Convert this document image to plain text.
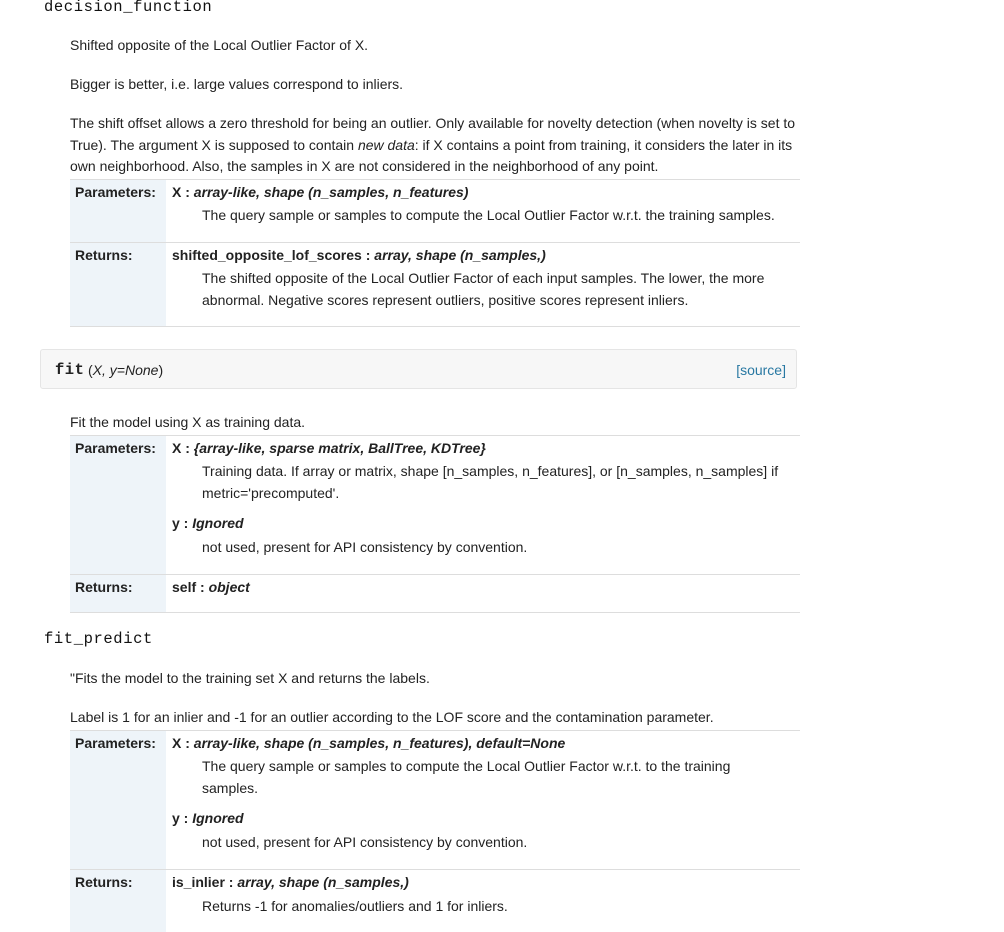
decision_function

Shifted opposite of the Local Outlier Factor of X.

Bigger is better, i.e. large values correspond to inliers.

The shift offset allows a zero threshold for being an outlier. Only available for novelty detection (when novelty is set to True). The argument X is supposed to contain new data: if X contains a point from training, it considers the later in its own neighborhood. Also, the samples in X are not considered in the neighborhood of any point.

Parameters: X : array-like, shape (n_samples, n_features)
The query sample or samples to compute the Local Outlier Factor w.r.t. the training samples.
Returns:	shifted_opposite_lof_scores : array, shape (n_samples,)
The shifted opposite of the Local Outlier Factor of each input samples. The lower, the more abnormal. Negative scores represent outliers, positive scores represent inliers.
fit (X, y=None)	[source]

Fit the model using X as training data.

Parameters: X : {array-like, sparse matrix, BallTree, KDTree}
Training data. If array or matrix, shape [n_samples, n_features], or [n_samples, n_samples] if metric='precomputed'.
y : Ignored
not used, present for API consistency by convention.
Returns:	self : object
fit_predict

"Fits the model to the training set X and returns the labels.

Label is 1 for an inlier and -1 for an outlier according to the LOF score and the contamination parameter.

Parameters: X : array-like, shape (n_samples, n_features), default=None
The query sample or samples to compute the Local Outlier Factor w.r.t. to the training samples.
y : Ignored
not used, present for API consistency by convention.
Returns:	is_inlier : array, shape (n_samples,)
Returns -1 for anomalies/outliers and 1 for inliers.
